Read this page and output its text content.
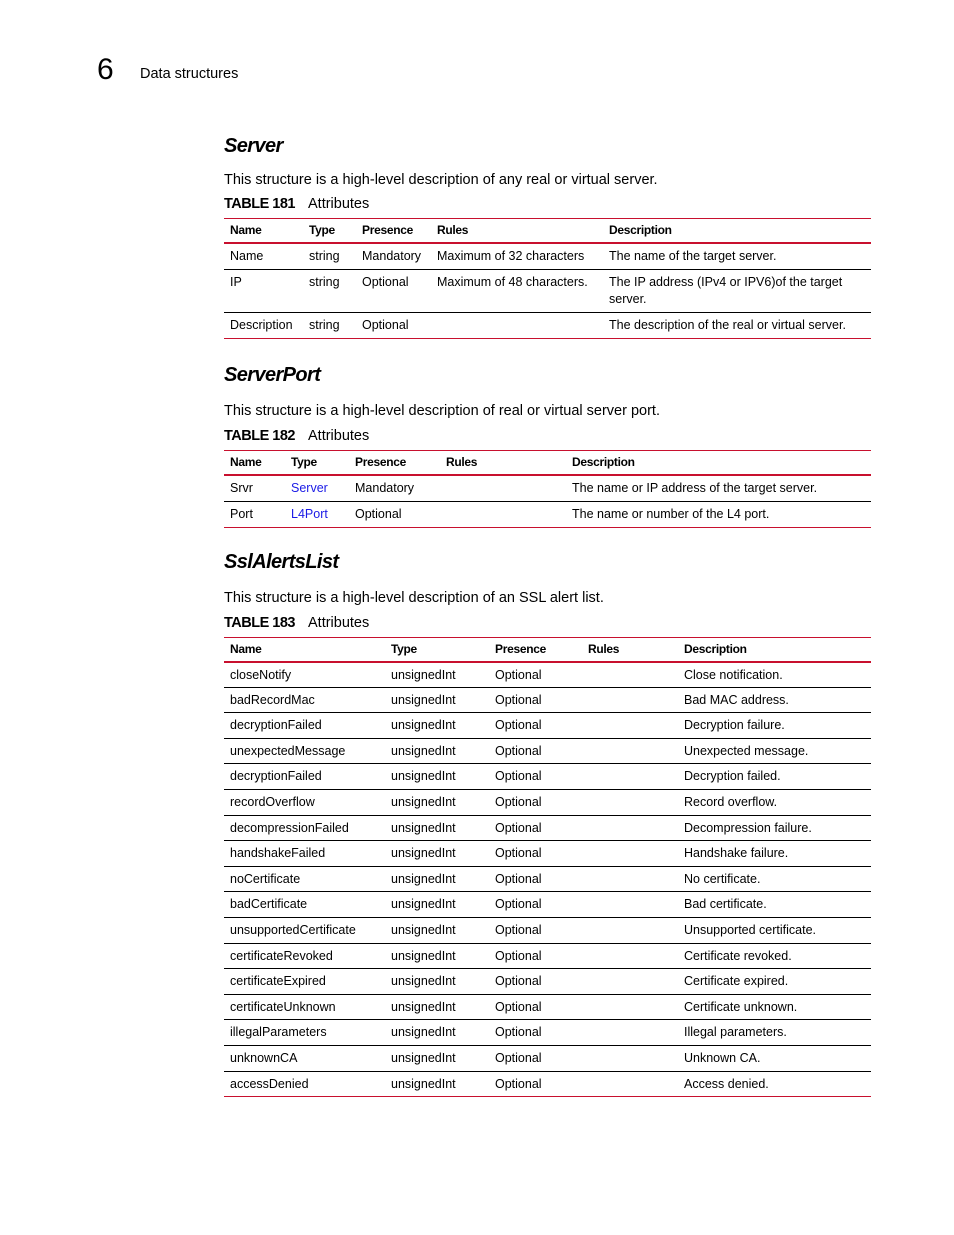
6 Data structures
Server

This structure is a high-level description of any real or virtual server.

TABLE 181 Attributes

Name	Type	Presence	Rules	Description
Name	string	Mandatory	Maximum of 32 characters	The name of the target server.
IP	string	Optional	Maximum of 48 characters.	The IP address (IPv4 or IPV6)of the target server.
Description	string	Optional		The description of the real or virtual server.
ServerPort

This structure is a high-level description of real or virtual server port.

TABLE 182 Attributes

Name	Type	Presence	Rules	Description
Srvr	Server	Mandatory		The name or IP address of the target server.
Port	L4Port	Optional		The name or number of the L4 port.
SslAlertsList

This structure is a high-level description of an SSL alert list.

TABLE 183 Attributes

Name	Type	Presence	Rules	Description
closeNotify	unsignedInt	Optional		Close notification.
badRecordMac	unsignedInt	Optional		Bad MAC address.
decryptionFailed	unsignedInt	Optional		Decryption failure.
unexpectedMessage	unsignedInt	Optional		Unexpected message.
decryptionFailed	unsignedInt	Optional		Decryption failed.
recordOverflow	unsignedInt	Optional		Record overflow.
decompressionFailed	unsignedInt	Optional		Decompression failure.
handshakeFailed	unsignedInt	Optional		Handshake failure.
noCertificate	unsignedInt	Optional		No certificate.
badCertificate	unsignedInt	Optional		Bad certificate.
unsupportedCertificate	unsignedInt	Optional		Unsupported certificate.
certificateRevoked	unsignedInt	Optional		Certificate revoked.
certificateExpired	unsignedInt	Optional		Certificate expired.
certificateUnknown	unsignedInt	Optional		Certificate unknown.
illegalParameters	unsignedInt	Optional		Illegal parameters.
unknownCA	unsignedInt	Optional		Unknown CA.
accessDenied	unsignedInt	Optional		Access denied.
